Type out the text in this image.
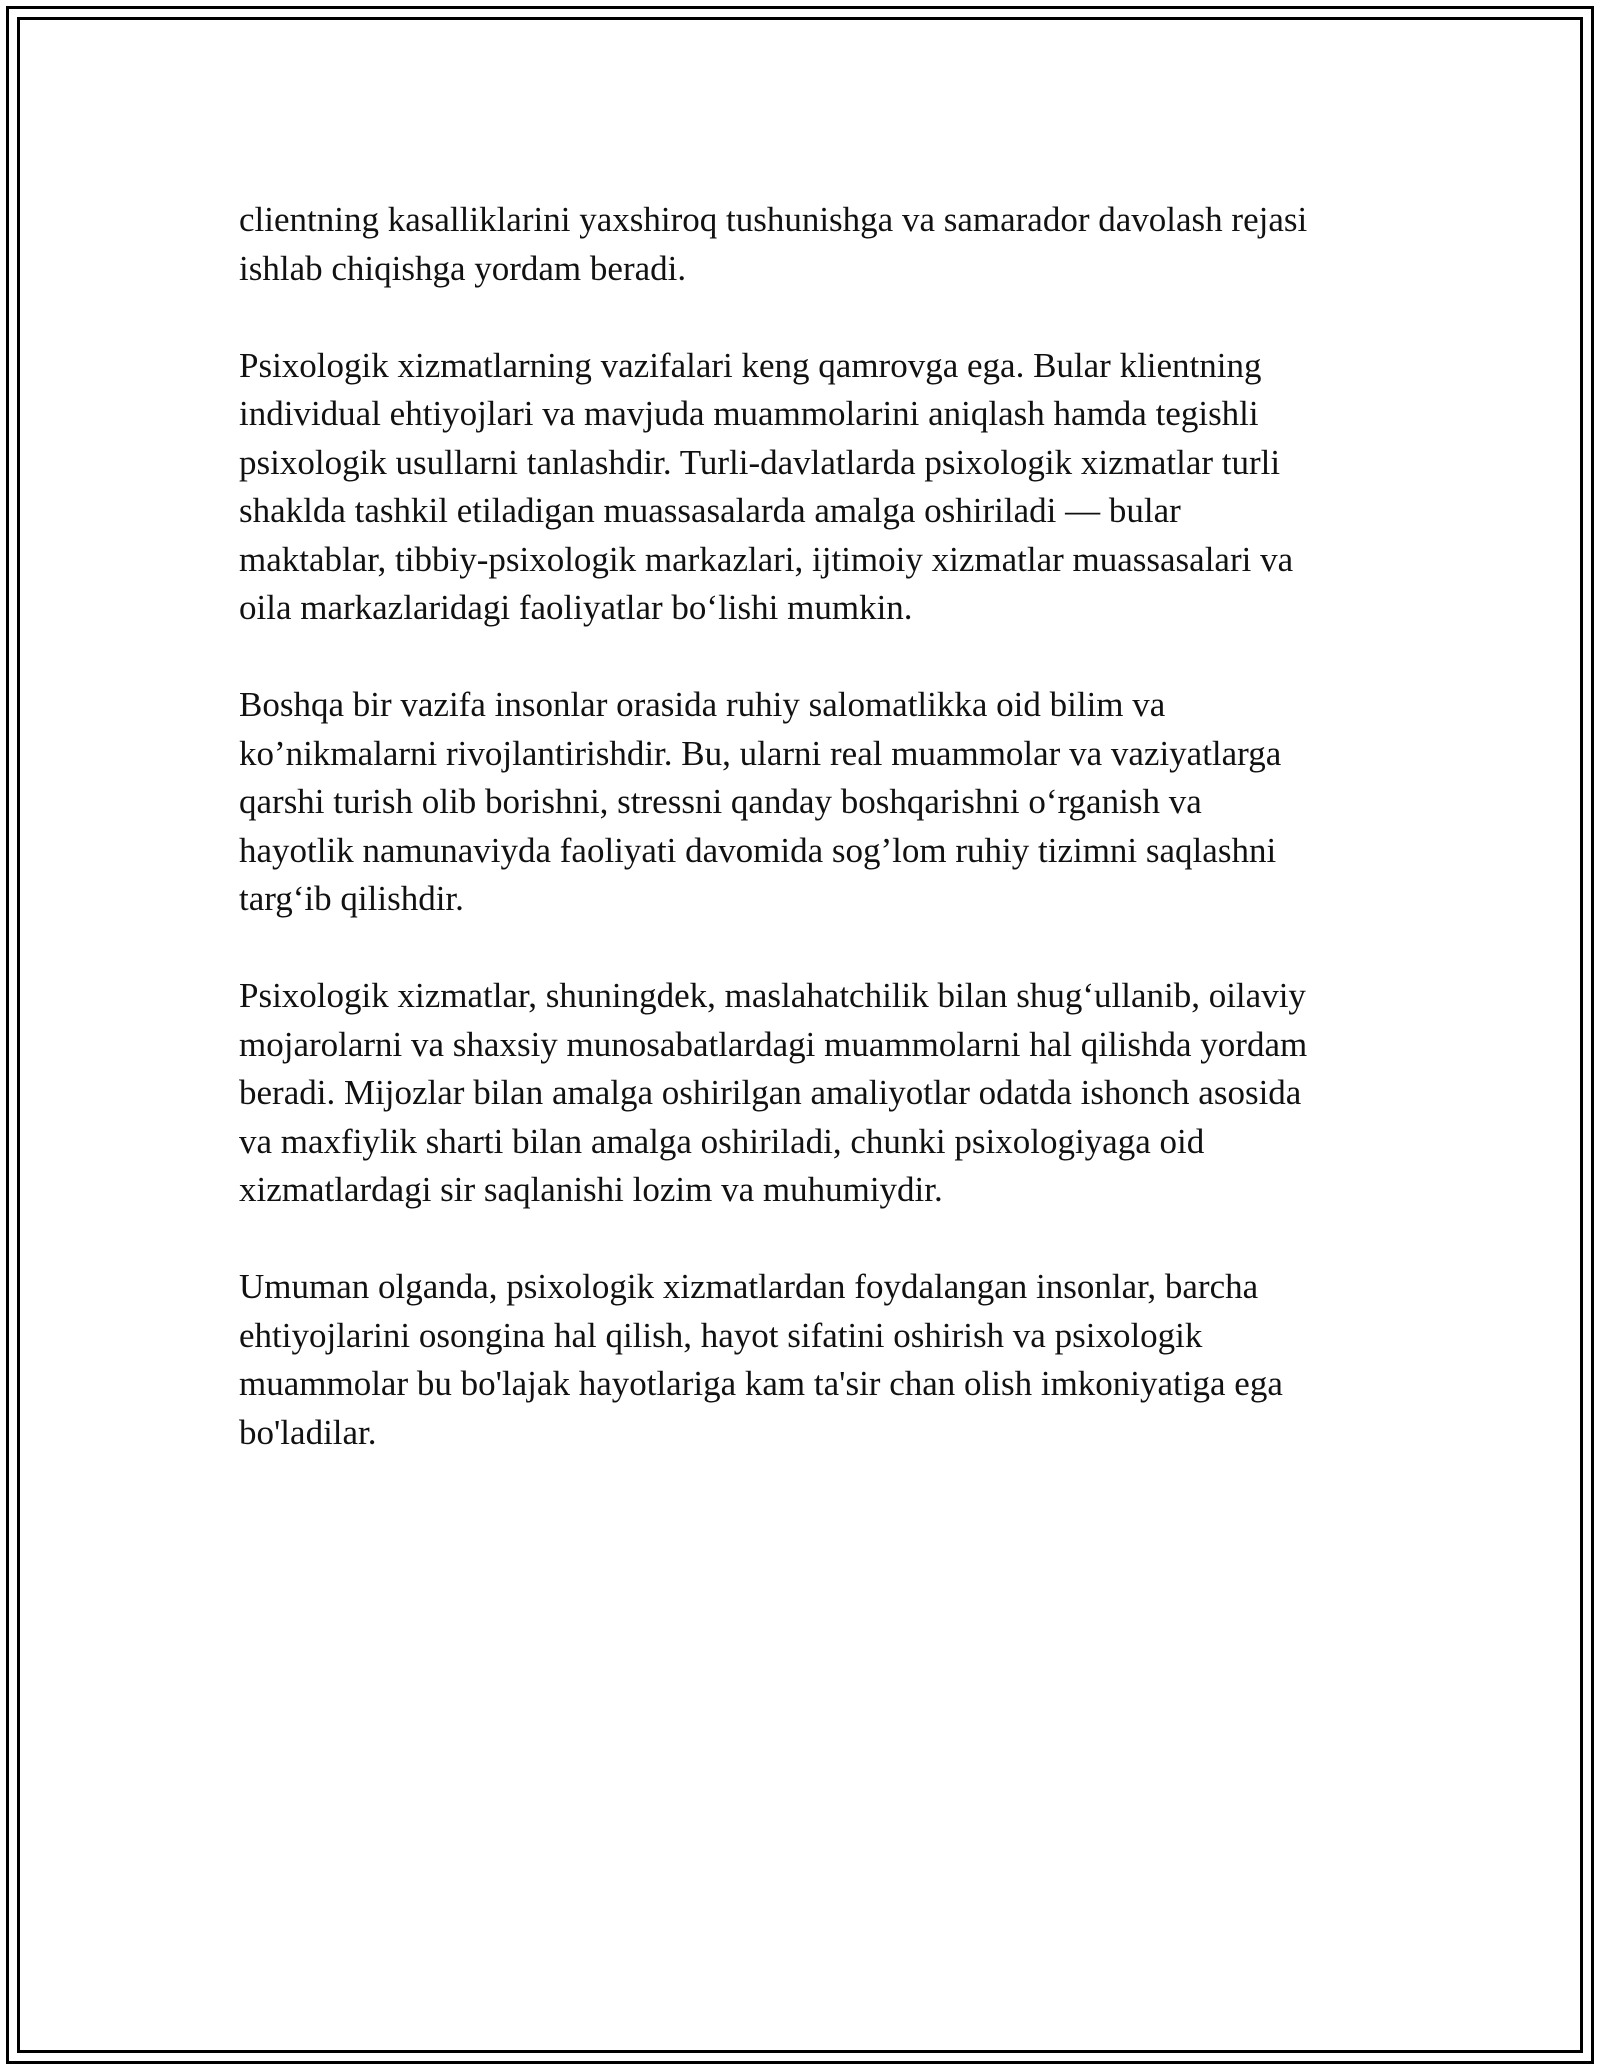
clientning kasalliklarini yaxshiroq tushunishga va samarador davolash rejasi
ishlab chiqishga yordam beradi.

Psixologik xizmatlarning vazifalari keng qamrovga ega. Bular klientning
individual ehtiyojlari va mavjuda muammolarini aniqlash hamda tegishli
psixologik usullarni tanlashdir. Turli-davlatlarda psixologik xizmatlar turli
shaklda tashkil etiladigan muassasalarda amalga oshiriladi — bular
maktablar, tibbiy-psixologik markazlari, ijtimoiy xizmatlar muassasalari va
oila markazlaridagi faoliyatlar bo‘lishi mumkin.

Boshqa bir vazifa insonlar orasida ruhiy salomatlikka oid bilim va
ko’nikmalarni rivojlantirishdir. Bu, ularni real muammolar va vaziyatlarga
qarshi turish olib borishni, stressni qanday boshqarishni o‘rganish va
hayotlik namunaviyda faoliyati davomida sog’lom ruhiy tizimni saqlashni
targ‘ib qilishdir.

Psixologik xizmatlar, shuningdek, maslahatchilik bilan shug‘ullanib, oilaviy
mojarolarni va shaxsiy munosabatlardagi muammolarni hal qilishda yordam
beradi. Mijozlar bilan amalga oshirilgan amaliyotlar odatda ishonch asosida
va maxfiylik sharti bilan amalga oshiriladi, chunki psixologiyaga oid
xizmatlardagi sir saqlanishi lozim va muhumiydir.

Umuman olganda, psixologik xizmatlardan foydalangan insonlar, barcha
ehtiyojlarini osongina hal qilish, hayot sifatini oshirish va psixologik
muammolar bu bo'lajak hayotlariga kam ta'sir chan olish imkoniyatiga ega
bo'ladilar.
